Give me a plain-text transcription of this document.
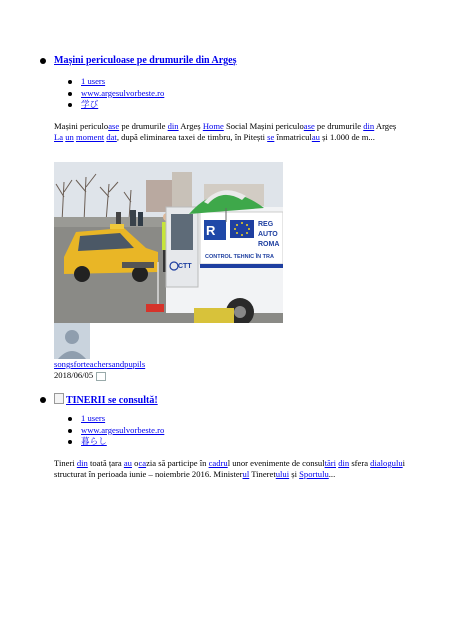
Mașini periculoase pe drumurile din Argeș
1 users
www.argesulvorbeste.ro
学び
Mașini periculoase pe drumurile din Argeș Home Social Mașini periculoase pe drumurile din Argeș La un moment dat, după eliminarea taxei de timbru, în Pitești se înmatriculau și 1.000 de m...
R	REG
AUTO
ROMA
CTT
CONTROL TEHNIC ÎN TRA
songsforteachersandpupils
2018/06/05
TINERII se consultă!
1 users
www.argesulvorbeste.ro
暮らし
Tineri din toată țara au ocazia să participe în cadrul unor evenimente de consultări din sfera dialogului structurat în perioada iunie – noiembrie 2016. Ministerul Tineretului și Sportulu...
